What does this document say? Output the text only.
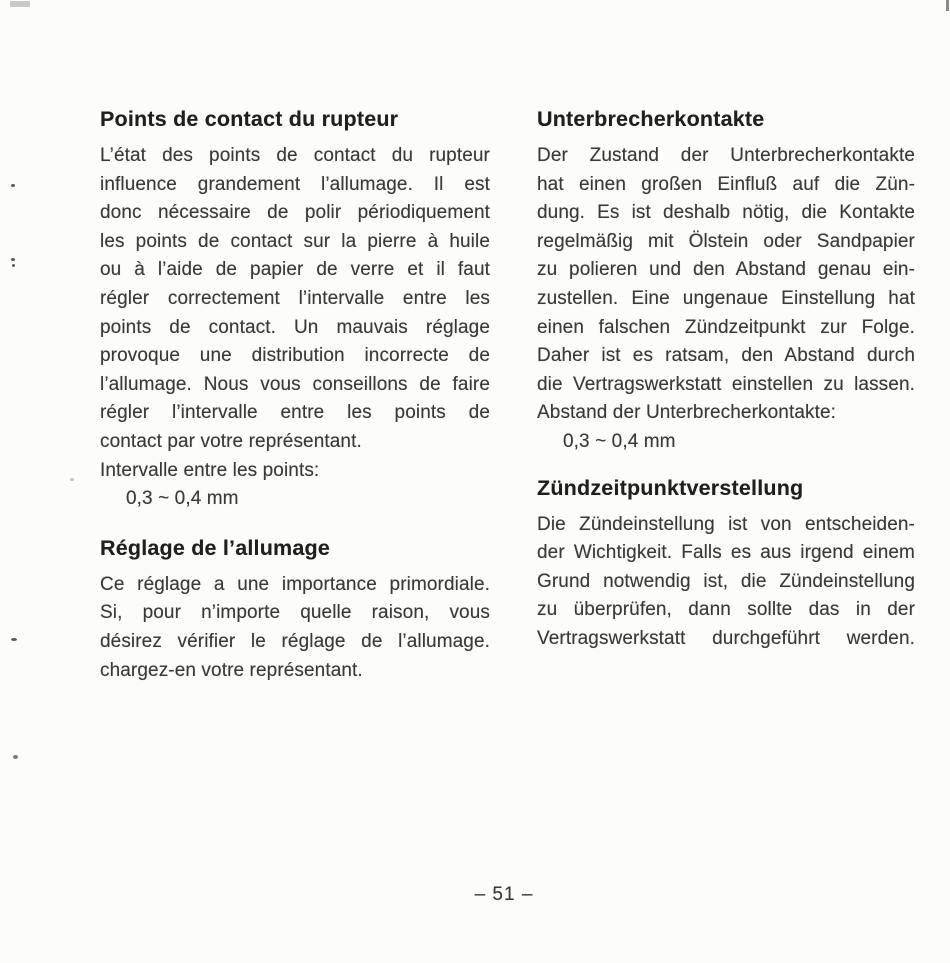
Points de contact du rupteur
L’état des points de contact du rupteur
influence grandement l’allumage. Il est
donc nécessaire de polir périodiquement
les points de contact sur la pierre à huile
ou à l’aide de papier de verre et il faut
régler correctement l’intervalle entre les
points de contact. Un mauvais réglage
provoque une distribution incorrecte de
l’allumage. Nous vous conseillons de faire
régler l’intervalle entre les points de
contact par votre représentant.
Intervalle entre les points:
0,3 ~ 0,4 mm
Réglage de l’allumage
Ce réglage a une importance primordiale.
Si, pour n’importe quelle raison, vous
désirez vérifier le réglage de l’allumage.
chargez-en votre représentant.
Unterbrecherkontakte
Der Zustand der Unterbrecherkontakte
hat einen großen Einfluß auf die Zün-
dung. Es ist deshalb nötig, die Kontakte
regelmäßig mit Ölstein oder Sandpapier
zu polieren und den Abstand genau ein-
zustellen. Eine ungenaue Einstellung hat
einen falschen Zündzeitpunkt zur Folge.
Daher ist es ratsam, den Abstand durch
die Vertragswerkstatt einstellen zu lassen.
Abstand der Unterbrecherkontakte:
0,3 ~ 0,4 mm
Zündzeitpunktverstellung
Die Zündeinstellung ist von entscheiden-
der Wichtigkeit. Falls es aus irgend einem
Grund notwendig ist, die Zündeinstellung
zu überprüfen, dann sollte das in der
Vertragswerkstatt durchgeführt werden.
– 51 –
